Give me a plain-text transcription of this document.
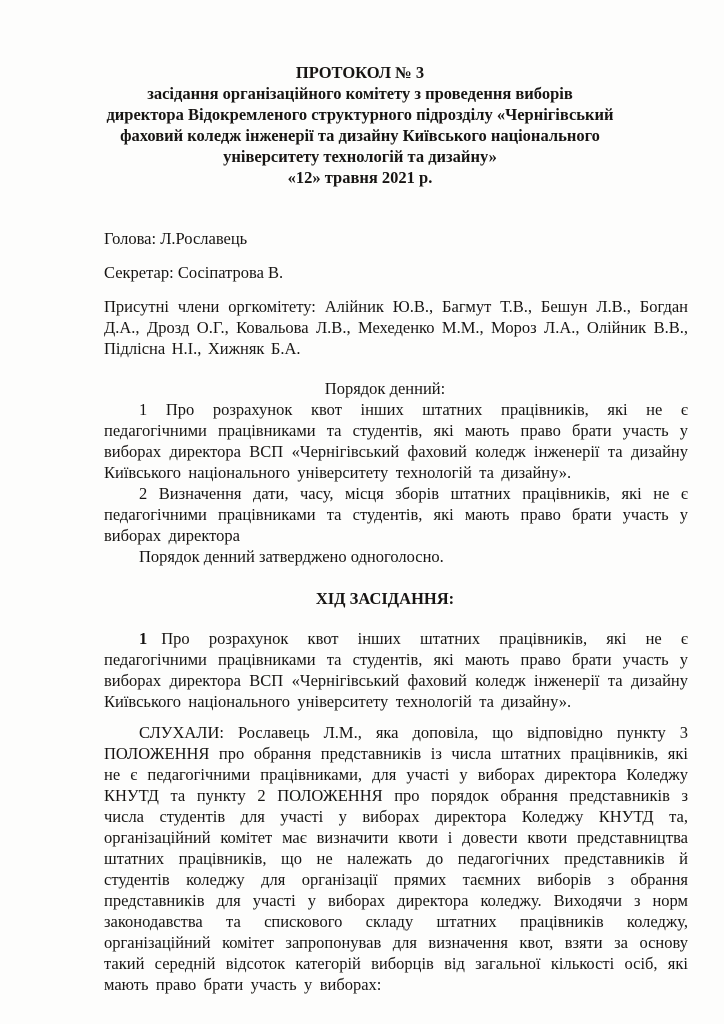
ПРОТОКОЛ № 3
засідання організаційного комітету з проведення виборів
директора Відокремленого структурного підрозділу «Чернігівський
фаховий коледж інженерії та дизайну Київського національного
університету технологій та дизайну»
«12» травня 2021 р.
Голова: Л.Рославець
Секретар: Сосіпатрова В.
Присутні члени оргкомітету: Алійник Ю.В., Багмут Т.В., Бешун Л.В., Богдан Д.А., Дрозд О.Г., Ковальова Л.В., Мехеденко М.М., Мороз Л.А., Олійник В.В., Підлісна Н.І., Хижняк Б.А.
Порядок денний:
1 Про розрахунок квот інших штатних працівників, які не є педагогічними працівниками та студентів, які мають право брати участь у виборах директора ВСП «Чернігівський фаховий коледж інженерії та дизайну Київського національного університету технологій та дизайну».
2 Визначення дати, часу, місця зборів штатних працівників, які не є педагогічними працівниками та студентів, які мають право брати участь у виборах директора
Порядок денний затверджено одноголосно.
ХІД ЗАСІДАННЯ:
1 Про розрахунок квот інших штатних працівників, які не є педагогічними працівниками та студентів, які мають право брати участь у виборах директора ВСП «Чернігівський фаховий коледж інженерії та дизайну Київського національного університету технологій та дизайну».
СЛУХАЛИ: Рославець Л.М., яка доповіла, що відповідно пункту 3 ПОЛОЖЕННЯ про обрання представників із числа штатних працівників, які не є педагогічними працівниками, для участі у виборах директора Коледжу КНУТД та пункту 2 ПОЛОЖЕННЯ про порядок обрання представників з числа студентів для участі у виборах директора Коледжу КНУТД та, організаційний комітет має визначити квоти і довести квоти представництва штатних працівників, що не належать до педагогічних представників й студентів коледжу для організації прямих таємних виборів з обрання представників для участі у виборах директора коледжу. Виходячи з норм законодавства та спискового складу штатних працівників коледжу, організаційний комітет запропонував для визначення квот, взяти за основу такий середній відсоток категорій виборців від загальної кількості осіб, які мають право брати участь у виборах:
